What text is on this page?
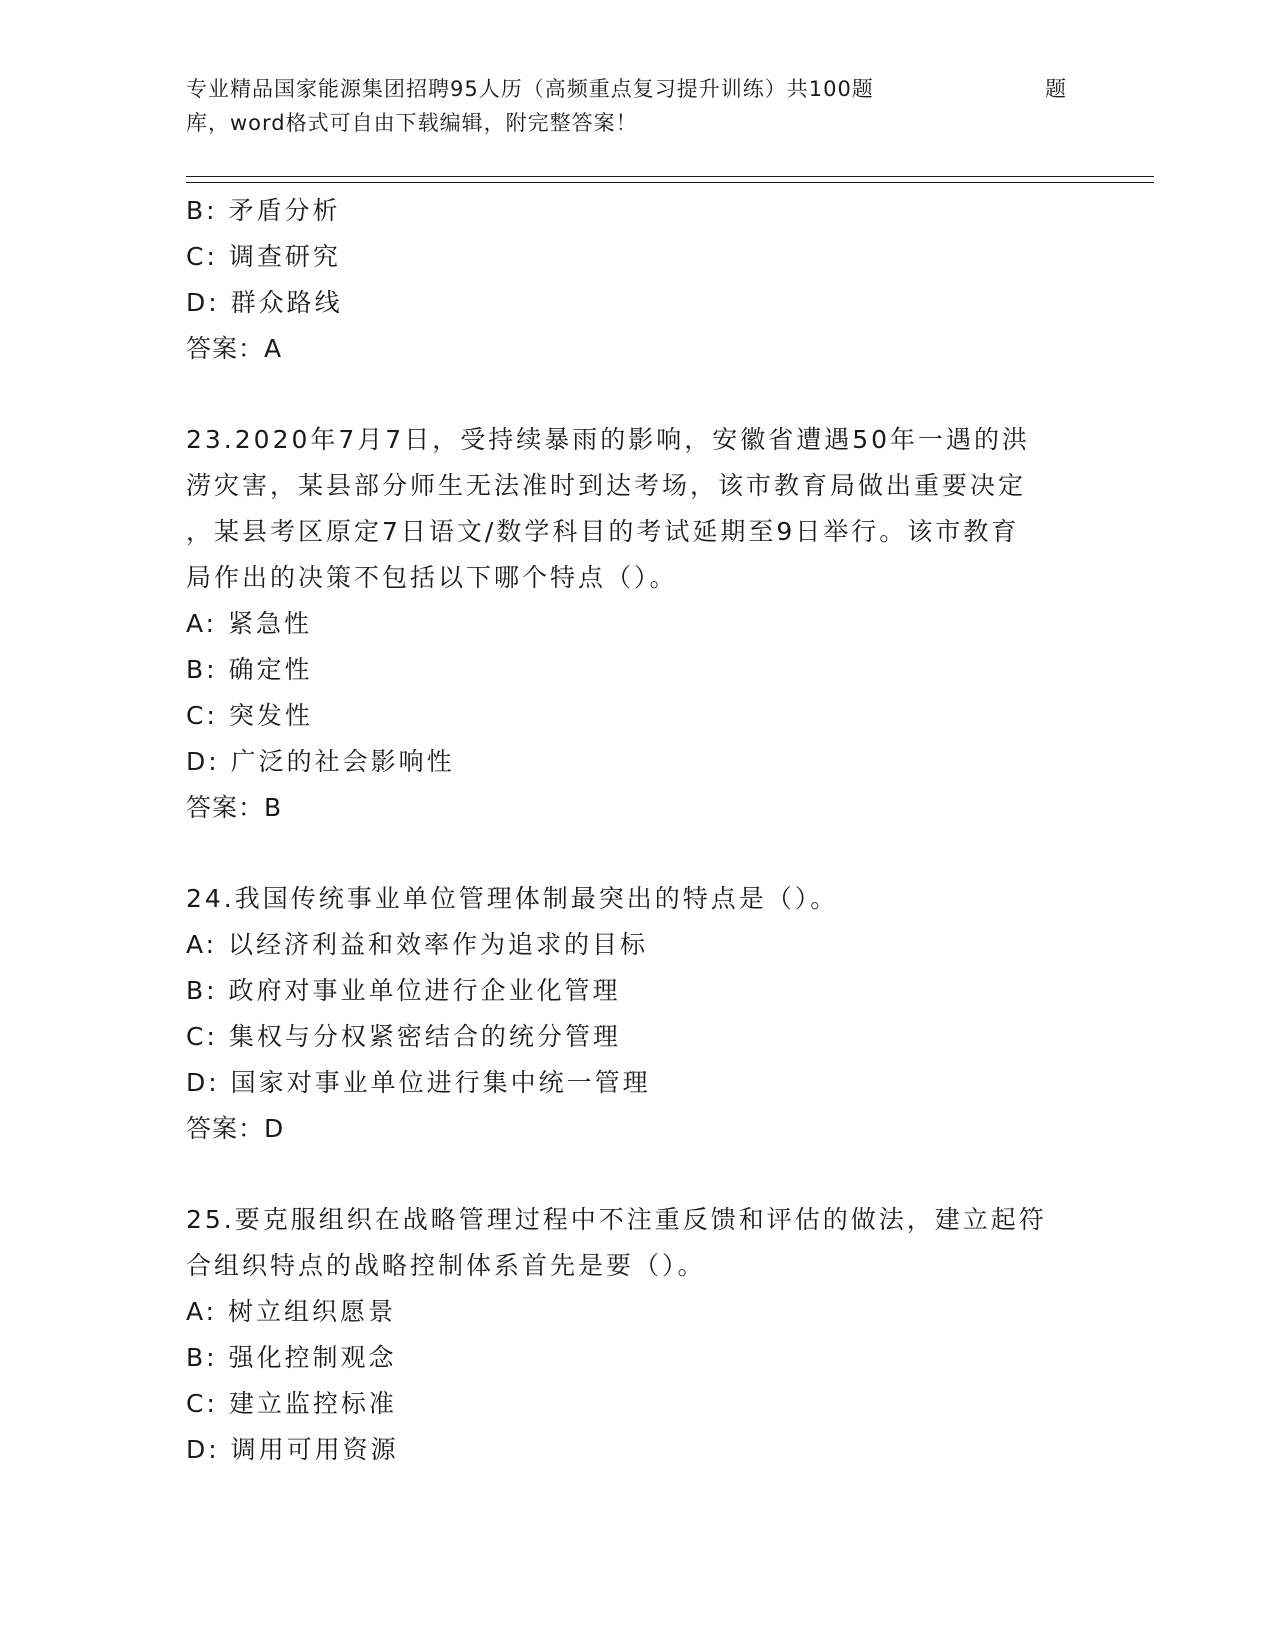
专业精品国家能源集团招聘95人历（高频重点复习提升训练）共100题
库，word格式可自由下载编辑，附完整答案！
题
B: 矛盾分析
C: 调查研究
D: 群众路线
答案：A
23.2020年7月7日，受持续暴雨的影响，安徽省遭遇50年一遇的洪
涝灾害，某县部分师生无法准时到达考场，该市教育局做出重要决定
，某县考区原定7日语文/数学科目的考试延期至9日举行。该市教育
局作出的决策不包括以下哪个特点（）。
A: 紧急性
B: 确定性
C: 突发性
D: 广泛的社会影响性
答案：B
24.我国传统事业单位管理体制最突出的特点是（）。
A: 以经济利益和效率作为追求的目标
B: 政府对事业单位进行企业化管理
C: 集权与分权紧密结合的统分管理
D: 国家对事业单位进行集中统一管理
答案：D
25.要克服组织在战略管理过程中不注重反馈和评估的做法，建立起符
合组织特点的战略控制体系首先是要（）。
A: 树立组织愿景
B: 强化控制观念
C: 建立监控标准
D: 调用可用资源
